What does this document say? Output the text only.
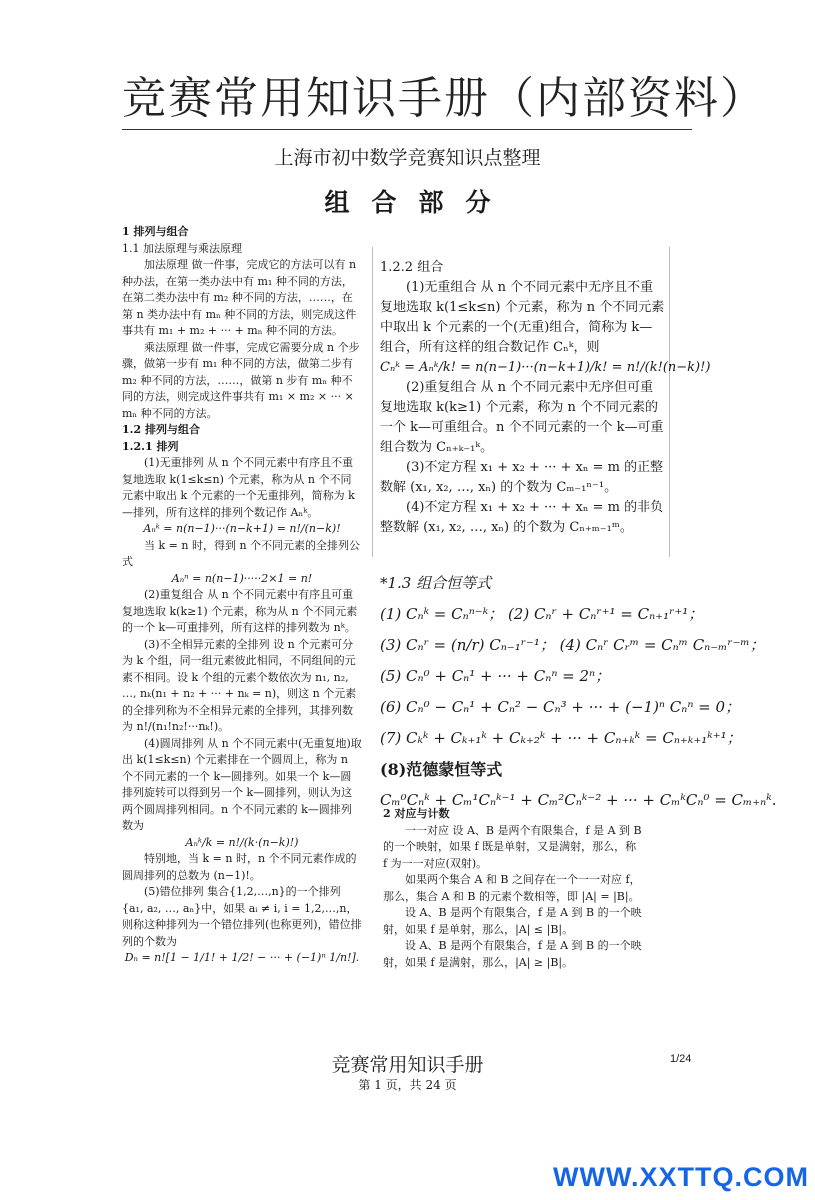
竞赛常用知识手册（内部资料）
上海市初中数学竞赛知识点整理
组合部分

1 排列与组合

1.1 加法原理与乘法原理

加法原理 做一件事，完成它的方法可以有 n 种办法，在第一类办法中有 m₁ 种不同的方法，在第二类办法中有 m₂ 种不同的方法，……，在第 n 类办法中有 mₙ 种不同的方法，则完成这件事共有 m₁ + m₂ + ··· + mₙ 种不同的方法。

乘法原理 做一件事，完成它需要分成 n 个步骤，做第一步有 m₁ 种不同的方法，做第二步有 m₂ 种不同的方法，……，做第 n 步有 mₙ 种不同的方法，则完成这件事共有 m₁ × m₂ × ··· × mₙ 种不同的方法。

1.2 排列与组合

1.2.1 排列

(1)无重排列 从 n 个不同元素中有序且不重复地选取 k(1≤k≤n) 个元素，称为从 n 个不同元素中取出 k 个元素的一个无重排列，简称为 k—排列，所有这样的排列个数记作 Aₙᵏ。

Aₙᵏ = n(n−1)···(n−k+1) = n!/(n−k)!

当 k = n 时，得到 n 个不同元素的全排列公式

Aₙⁿ = n(n−1)·····2×1 = n!

(2)重复组合 从 n 个不同元素中有序且可重复地选取 k(k≥1) 个元素，称为从 n 个不同元素的一个 k—可重排列，所有这样的排列数为 nᵏ。

(3)不全相异元素的全排列 设 n 个元素可分为 k 个组，同一组元素彼此相同，不同组间的元素不相同。设 k 个组的元素个数依次为 n₁, n₂, …, nₖ(n₁ + n₂ + ··· + nₖ = n)，则这 n 个元素的全排列称为不全相异元素的全排列，其排列数为 n!/(n₁!n₂!···nₖ!)。

(4)圆周排列 从 n 个不同元素中(无重复地)取出 k(1≤k≤n) 个元素排在一个圆周上，称为 n 个不同元素的一个 k—圆排列。如果一个 k—圆排列旋转可以得到另一个 k—圆排列，则认为这两个圆周排列相同。n 个不同元素的 k—圆排列数为

Aₙᵏ/k = n!/(k·(n−k)!)

特别地，当 k = n 时，n 个不同元素作成的圆周排列的总数为 (n−1)!。

(5)错位排列 集合{1,2,…,n}的一个排列{a₁, a₂, …, aₙ}中，如果 aᵢ ≠ i, i = 1,2,…,n，则称这种排列为一个错位排列(也称更列)，错位排列的个数为

Dₙ = n![1 − 1/1! + 1/2! − ··· + (−1)ⁿ 1/n!].

1.2.2 组合

(1)无重组合 从 n 个不同元素中无序且不重复地选取 k(1≤k≤n) 个元素，称为 n 个不同元素中取出 k 个元素的一个(无重)组合，简称为 k—组合，所有这样的组合数记作 Cₙᵏ，则

Cₙᵏ = Aₙᵏ/k! = n(n−1)···(n−k+1)/k! = n!/(k!(n−k)!)

(2)重复组合 从 n 个不同元素中无序但可重复地选取 k(k≥1) 个元素，称为 n 个不同元素的一个 k—可重组合。n 个不同元素的一个 k—可重组合数为 Cₙ₊ₖ₋₁ᵏ。

(3)不定方程 x₁ + x₂ + ··· + xₙ = m 的正整数解 (x₁, x₂, …, xₙ) 的个数为 Cₘ₋₁ⁿ⁻¹。

(4)不定方程 x₁ + x₂ + ··· + xₙ = m 的非负整数解 (x₁, x₂, …, xₙ) 的个数为 Cₙ₊ₘ₋₁ᵐ。

*1.3 组合恒等式

(1) Cₙᵏ = Cₙⁿ⁻ᵏ； (2) Cₙʳ + Cₙʳ⁺¹ = Cₙ₊₁ʳ⁺¹；

(3) Cₙʳ = (n/r) Cₙ₋₁ʳ⁻¹； (4) Cₙʳ Cᵣᵐ = Cₙᵐ Cₙ₋ₘʳ⁻ᵐ；

(5) Cₙ⁰ + Cₙ¹ + ··· + Cₙⁿ = 2ⁿ；

(6) Cₙ⁰ − Cₙ¹ + Cₙ² − Cₙ³ + ··· + (−1)ⁿ Cₙⁿ = 0；

(7) Cₖᵏ + Cₖ₊₁ᵏ + Cₖ₊₂ᵏ + ··· + Cₙ₊ₖᵏ = Cₙ₊ₖ₊₁ᵏ⁺¹；

(8)范德蒙恒等式

Cₘ⁰Cₙᵏ + Cₘ¹Cₙᵏ⁻¹ + Cₘ²Cₙᵏ⁻² + ··· + CₘᵏCₙ⁰ = Cₘ₊ₙᵏ.

2 对应与计数

一一对应 设 A、B 是两个有限集合，f 是 A 到 B 的一个映射，如果 f 既是单射，又是满射，那么，称 f 为一一对应(双射)。

如果两个集合 A 和 B 之间存在一个一一对应 f，那么，集合 A 和 B 的元素个数相等，即 |A| = |B|。

设 A、B 是两个有限集合，f 是 A 到 B 的一个映射，如果 f 是单射，那么，|A| ≤ |B|。

设 A、B 是两个有限集合，f 是 A 到 B 的一个映射，如果 f 是满射，那么，|A| ≥ |B|。

竞赛常用知识手册	1/24
第 1 页，共 24 页
WWW.XXTTQ.COM
